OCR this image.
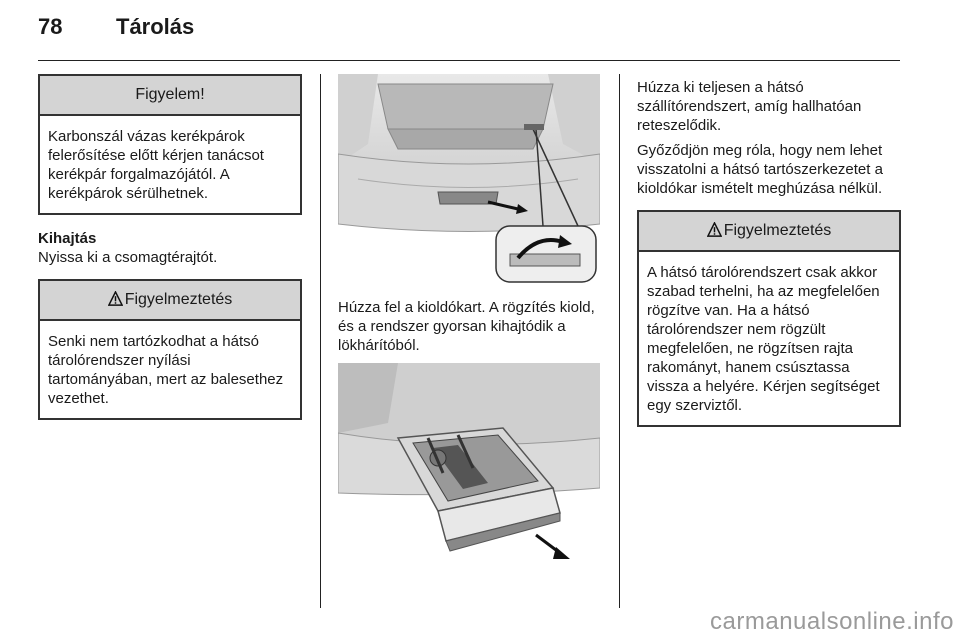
78 Tárolás
Figyelem!
Karbonszál vázas kerékpárok felerősítése előtt kérjen tanácsot kerékpár forgalmazójától. A kerékpárok sérülhetnek.
Kihajtás

Nyissa ki a csomagtérajtót.

Figyelmeztetés
Senki nem tartózkodhat a hátsó tárolórendszer nyílási tartományában, mert az balesethez vezethet.

Húzza fel a kioldókart. A rögzítés kiold, és a rendszer gyorsan kihajtódik a lökhárítóból.

Húzza ki teljesen a hátsó szállítórendszert, amíg hallhatóan reteszelődik.

Győződjön meg róla, hogy nem lehet visszatolni a hátsó tartószerkezetet a kioldókar ismételt meghúzása nélkül.

Figyelmeztetés
A hátsó tárolórendszert csak akkor szabad terhelni, ha az megfelelően rögzítve van. Ha a hátsó tárolórendszer nem rögzült megfelelően, ne rögzítsen rajta rakományt, hanem csúsztassa vissza a helyére. Kérjen segítséget egy szerviztől.
carmanualsonline.info
